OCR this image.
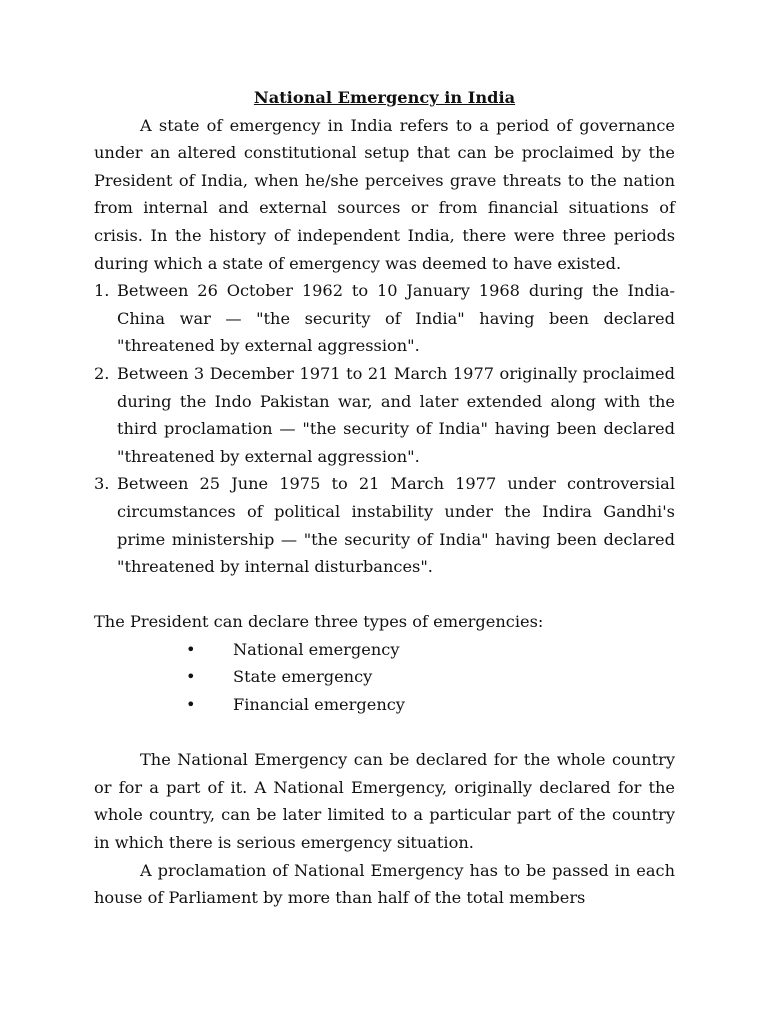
National Emergency in India

A state of emergency in India refers to a period of governance under an altered constitutional setup that can be proclaimed by the President of India, when he/she perceives grave threats to the nation from internal and external sources or from financial situations of crisis. In the history of independent India, there were three periods during which a state of emergency was deemed to have existed.

1. Between 26 October 1962 to 10 January 1968 during the India-China war — "the security of India" having been declared "threatened by external aggression".
2. Between 3 December 1971 to 21 March 1977 originally proclaimed during the Indo Pakistan war, and later extended along with the third proclamation — "the security of India" having been declared "threatened by external aggression".
3. Between 25 June 1975 to 21 March 1977 under controversial circumstances of political instability under the Indira Gandhi's prime ministership — "the security of India" having been declared "threatened by internal disturbances".

The President can declare three types of emergencies:

• National emergency
• State emergency
• Financial emergency

The National Emergency can be declared for the whole country or for a part of it. A National Emergency, originally declared for the whole country, can be later limited to a particular part of the country in which there is serious emergency situation.

A proclamation of National Emergency has to be passed in each house of Parliament by more than half of the total members
